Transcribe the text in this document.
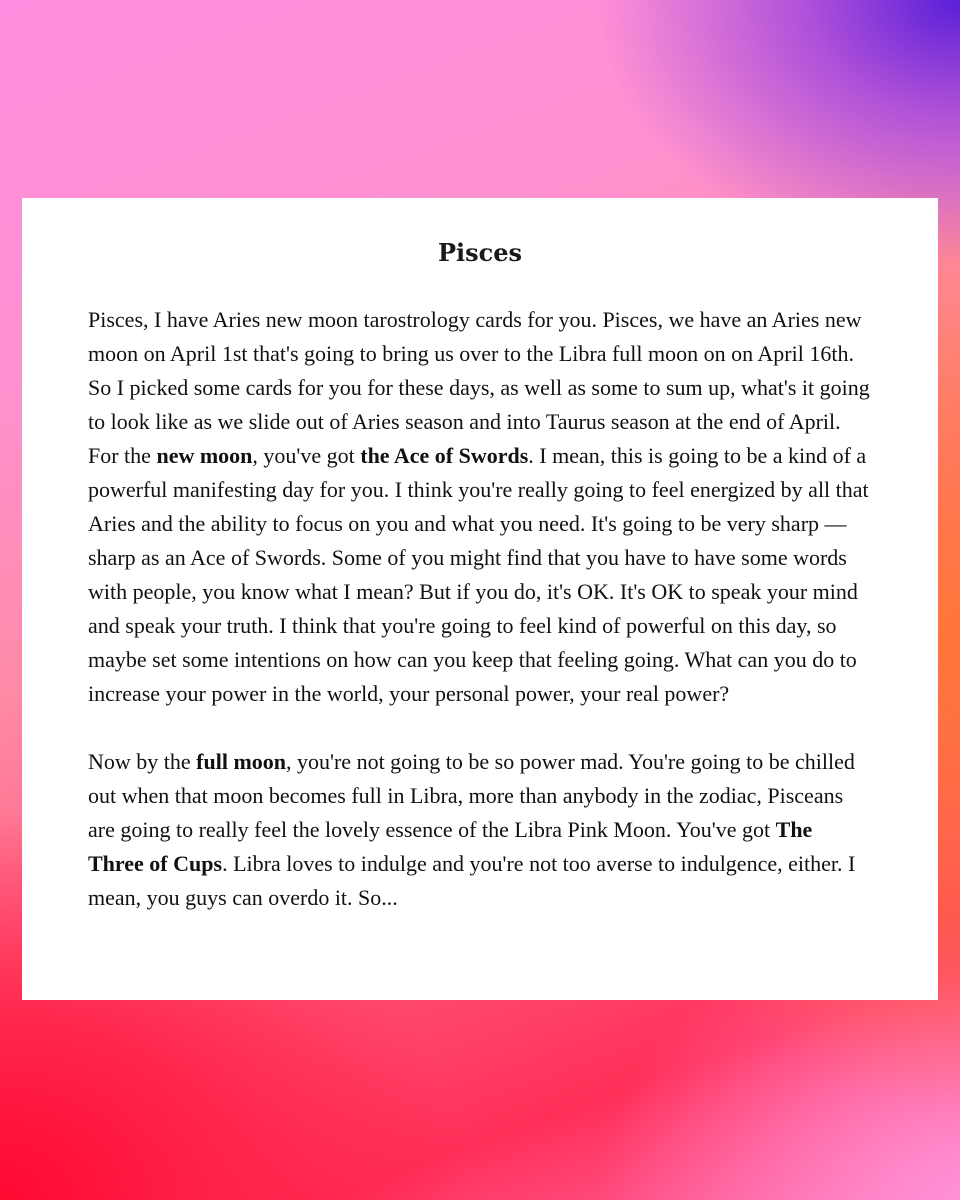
Pisces

Pisces, I have Aries new moon tarostrology cards for you. Pisces, we have an Aries new moon on April 1st that's going to bring us over to the Libra full moon on on April 16th. So I picked some cards for you for these days, as well as some to sum up, what's it going to look like as we slide out of Aries season and into Taurus season at the end of April. For the new moon, you've got the Ace of Swords. I mean, this is going to be a kind of a powerful manifesting day for you. I think you're really going to feel energized by all that Aries and the ability to focus on you and what you need. It's going to be very sharp — sharp as an Ace of Swords. Some of you might find that you have to have some words with people, you know what I mean? But if you do, it's OK. It's OK to speak your mind and speak your truth. I think that you're going to feel kind of powerful on this day, so maybe set some intentions on how can you keep that feeling going. What can you do to increase your power in the world, your personal power, your real power?

Now by the full moon, you're not going to be so power mad. You're going to be chilled out when that moon becomes full in Libra, more than anybody in the zodiac, Pisceans are going to really feel the lovely essence of the Libra Pink Moon. You've got The Three of Cups. Libra loves to indulge and you're not too averse to indulgence, either. I mean, you guys can overdo it. So...
